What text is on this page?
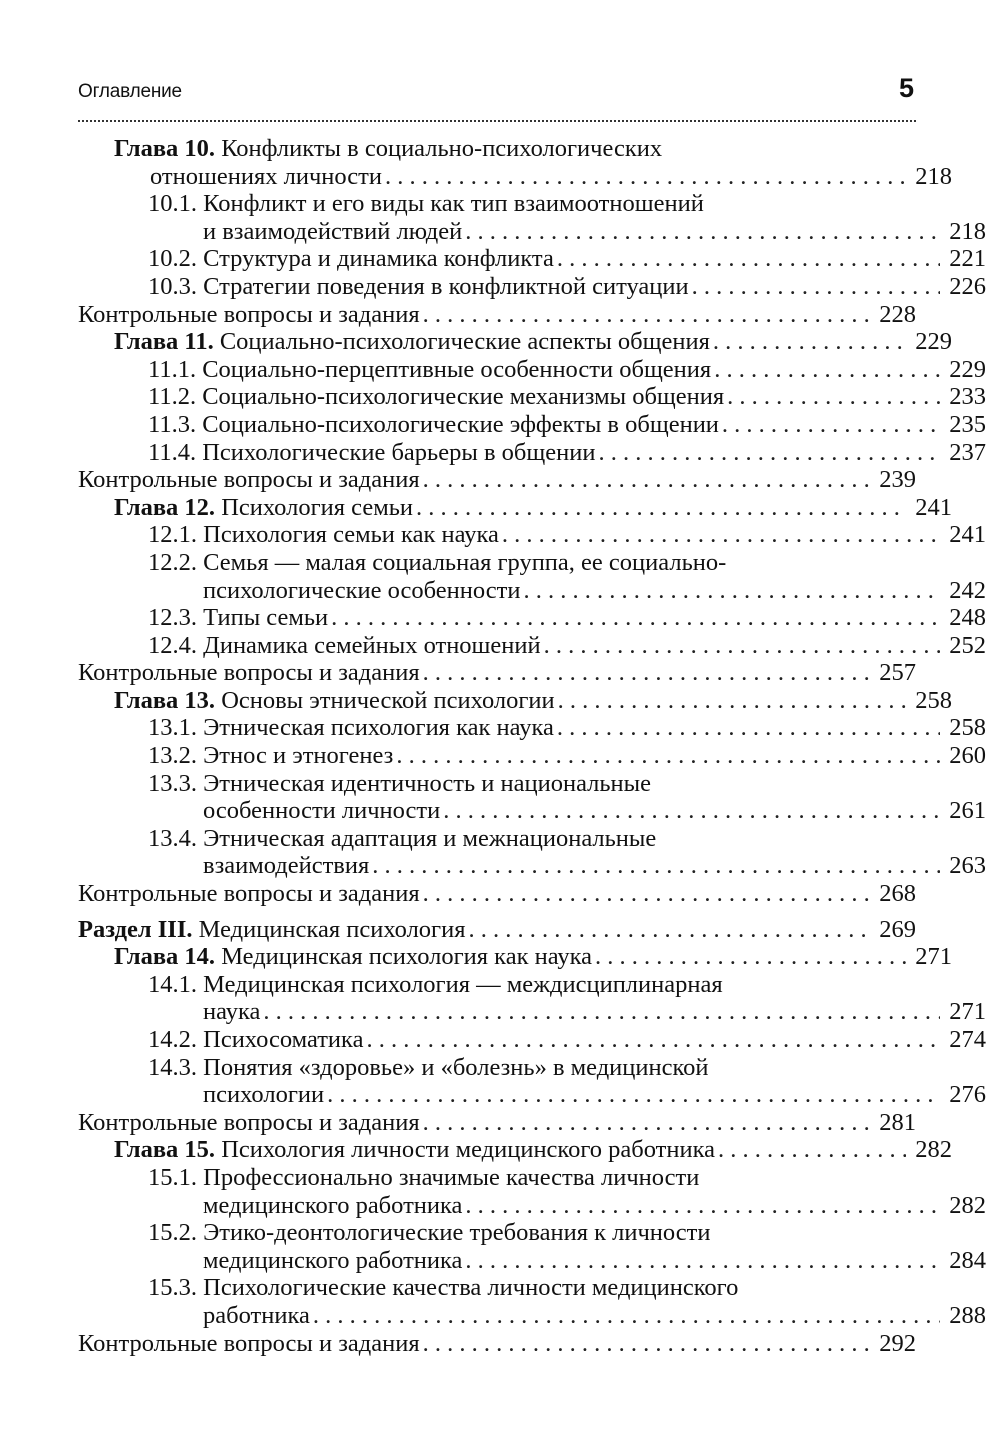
Оглавление	5
Глава 10. Конфликты в социально-психологических
отношениях личности . . .	218
10.1. Конфликт и его виды как тип взаимоотношений
и взаимодействий людей . . .	218
10.2. Структура и динамика конфликта . . .	221
10.3. Стратегии поведения в конфликтной ситуации . . .	226
Контрольные вопросы и задания . . .	228
Глава 11. Социально-психологические аспекты общения . . .	229
11.1. Социально-перцептивные особенности общения . . .	229
11.2. Социально-психологические механизмы общения . . .	233
11.3. Социально-психологические эффекты в общении . . .	235
11.4. Психологические барьеры в общении . . .	237
Контрольные вопросы и задания . . .	239
Глава 12. Психология семьи . . .	241
12.1. Психология семьи как наука . . .	241
12.2. Семья — малая социальная группа, ее социально-
психологические особенности . . .	242
12.3. Типы семьи . . .	248
12.4. Динамика семейных отношений . . .	252
Контрольные вопросы и задания . . .	257
Глава 13. Основы этнической психологии . . .	258
13.1. Этническая психология как наука . . .	258
13.2. Этнос и этногенез . . .	260
13.3. Этническая идентичность и национальные
особенности личности . . .	261
13.4. Этническая адаптация и межнациональные
взаимодействия . . .	263
Контрольные вопросы и задания . . .	268
Раздел III. Медицинская психология . . .	269
Глава 14. Медицинская психология как наука . . .	271
14.1. Медицинская психология — междисциплинарная
наука . . .	271
14.2. Психосоматика . . .	274
14.3. Понятия «здоровье» и «болезнь» в медицинской
психологии . . .	276
Контрольные вопросы и задания . . .	281
Глава 15. Психология личности медицинского работника . . .	282
15.1. Профессионально значимые качества личности
медицинского работника . . .	282
15.2. Этико-деонтологические требования к личности
медицинского работника . . .	284
15.3. Психологические качества личности медицинского
работника . . .	288
Контрольные вопросы и задания . . .	292
